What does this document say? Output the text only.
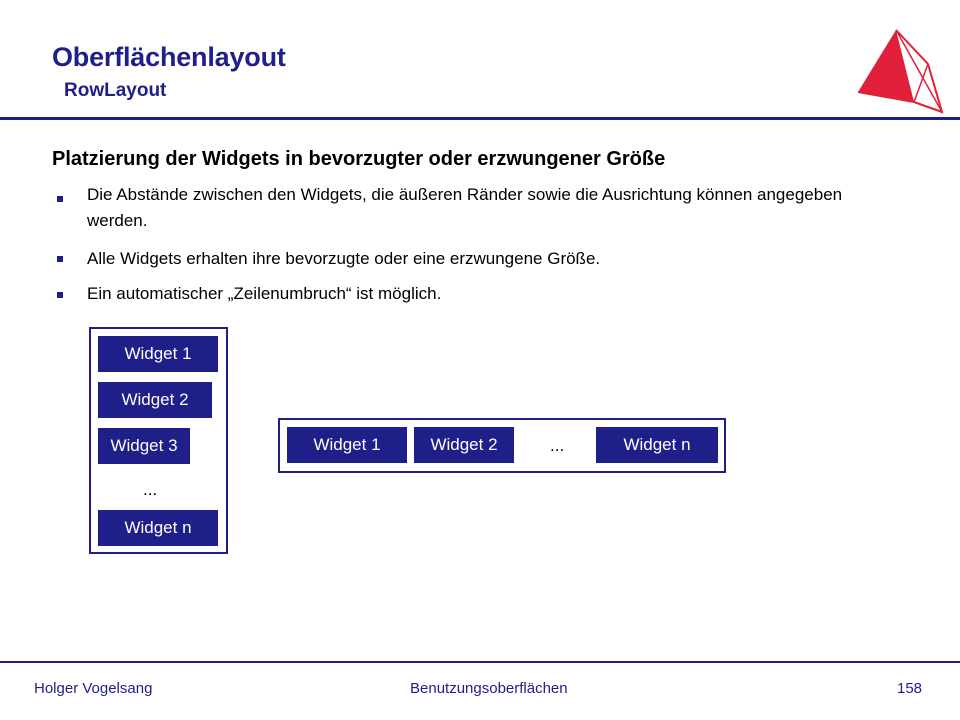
Oberflächenlayout
RowLayout
Platzierung der Widgets in bevorzugter oder erzwungener Größe
Die Abstände zwischen den Widgets, die äußeren Ränder sowie die Ausrichtung können angegeben werden.
Alle Widgets erhalten ihre bevorzugte oder eine erzwungene Größe.
Ein automatischer „Zeilenumbruch“ ist möglich.
Widget 1
Widget 2
Widget 3
...
Widget n
Widget 1	Widget 2	...	Widget n
Holger Vogelsang	Benutzungsoberflächen	158
